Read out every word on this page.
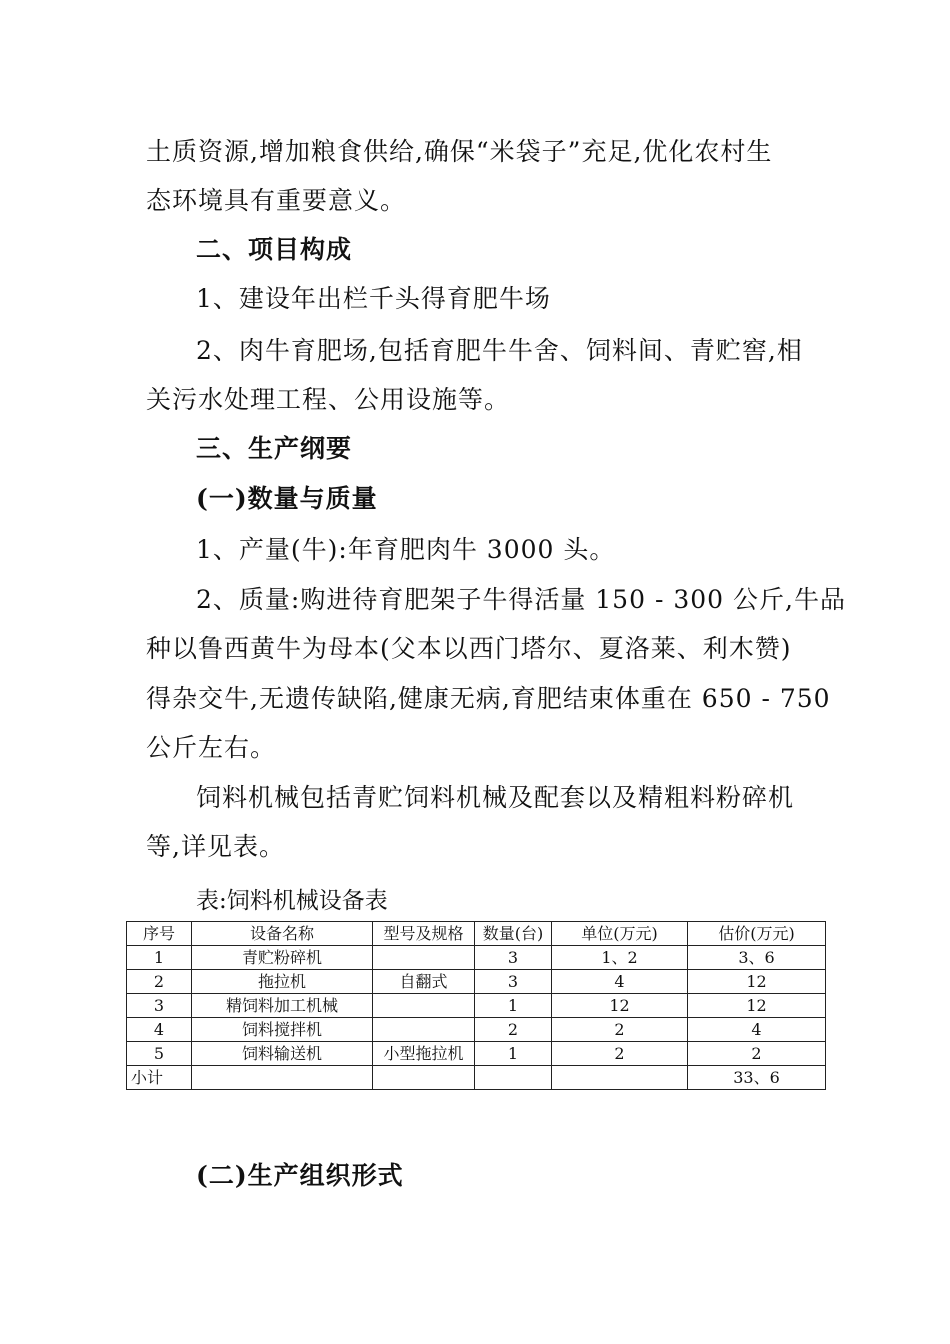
土质资源,增加粮食供给,确保“米袋子”充足,优化农村生
态环境具有重要意义。
二、项目构成
1、建设年出栏千头得育肥牛场
2、肉牛育肥场,包括育肥牛牛舍、饲料间、青贮窖,相
关污水处理工程、公用设施等。
三、生产纲要
(一)数量与质量
1、产量(牛):年育肥肉牛 3000 头。
2、质量:购进待育肥架子牛得活量 150 - 300 公斤,牛品
种以鲁西黄牛为母本(父本以西门塔尔、夏洛莱、利木赞)
得杂交牛,无遗传缺陷,健康无病,育肥结束体重在 650 - 750
公斤左右。
饲料机械包括青贮饲料机械及配套以及精粗料粉碎机
等,详见表。
表:饲料机械设备表
序号	设备名称	型号及规格	数量(台)	单位(万元)	估价(万元)
1	青贮粉碎机		3	1、2	3、6
2	拖拉机	自翻式	3	4	12
3	精饲料加工机械		1	12	12
4	饲料搅拌机		2	2	4
5	饲料输送机	小型拖拉机	1	2	2
小计					33、6
(二)生产组织形式
